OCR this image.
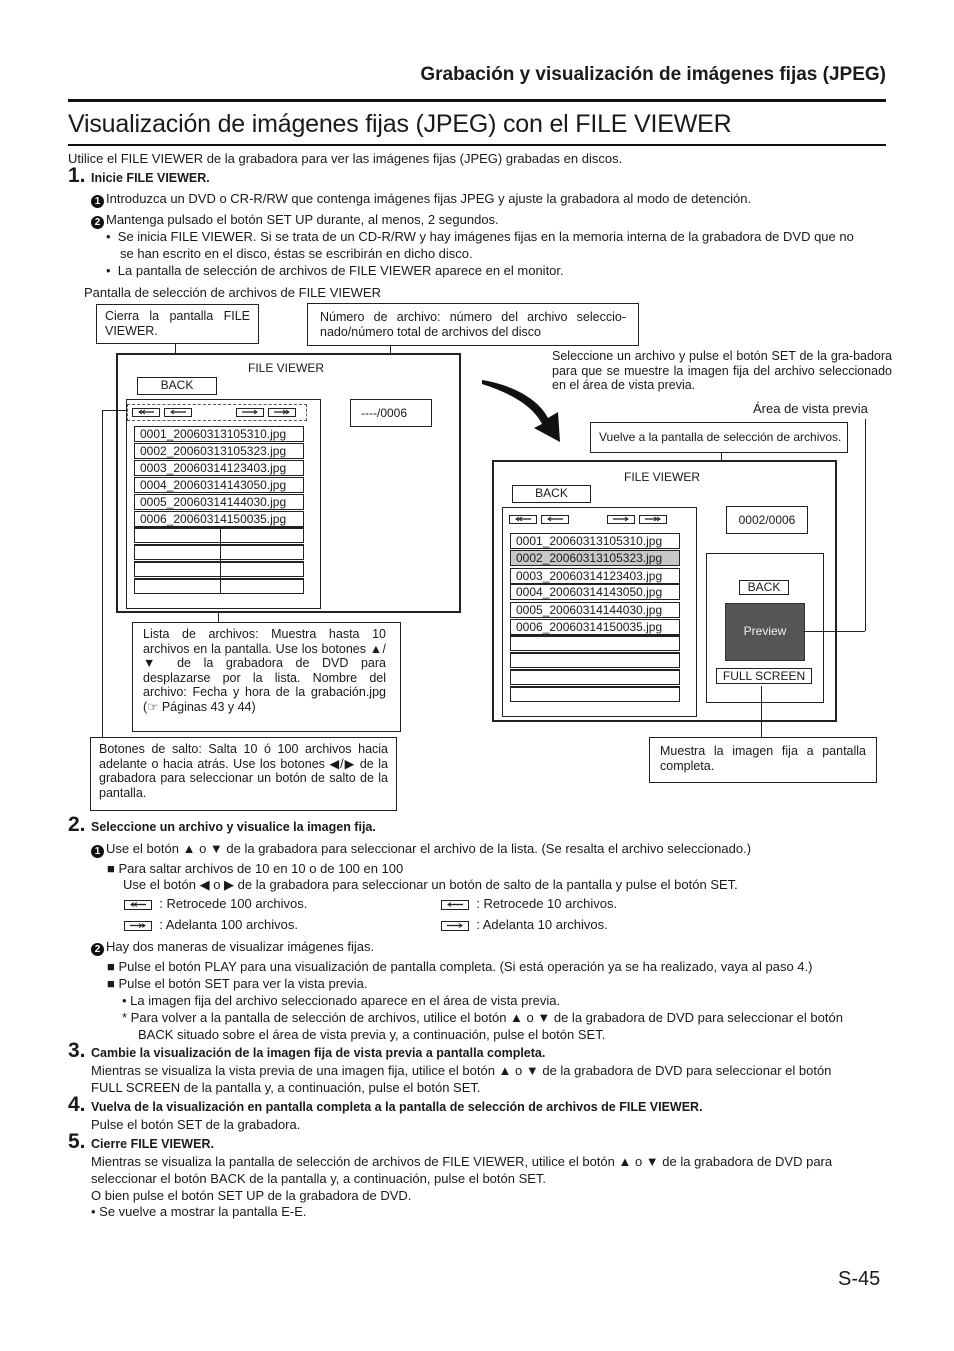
Grabación y visualización de imágenes fijas (JPEG)
Visualización de imágenes fijas (JPEG) con el FILE VIEWER
Utilice el FILE VIEWER de la grabadora para ver las imágenes fijas (JPEG) grabadas en discos.
1. Inicie FILE VIEWER.
1 Introduzca un DVD o CR-R/RW que contenga imágenes fijas JPEG y ajuste la grabadora al modo de detención.
2 Mantenga pulsado el botón SET UP durante, al menos, 2 segundos.
•  Se inicia FILE VIEWER. Si se trata de un CD-R/RW y hay imágenes fijas en la memoria interna de la grabadora de DVD que no
se han escrito en el disco, éstas se escribirán en dicho disco.
•  La pantalla de selección de archivos de FILE VIEWER aparece en el monitor.
Pantalla de selección de archivos de FILE VIEWER
Cierra la pantalla FILE VIEWER.
Número de archivo: número del archivo seleccio-nado/número total de archivos del disco
FILE VIEWER
BACK
0001_20060313105310.jpg
0002_20060313105323.jpg
0003_20060314123403.jpg
0004_20060314143050.jpg
0005_20060314144030.jpg
0006_20060314150035.jpg
----/0006
Lista de archivos: Muestra hasta 10 archivos en la pantalla. Use los botones ▲/▼ de la grabadora de DVD para desplazarse por la lista. Nombre del archivo: Fecha y hora de la grabación.jpg (☞ Páginas 43 y 44)
Botones de salto: Salta 10 ó 100 archivos hacia adelante o hacia atrás. Use los botones ◀/▶ de la grabadora para seleccionar un botón de salto de la pantalla.
Seleccione un archivo y pulse el botón SET de la gra-badora para que se muestre la imagen fija del archivo seleccionado en el área de vista previa.
Área de vista previa
Vuelve a la pantalla de selección de archivos.
FILE VIEWER
BACK
0001_20060313105310.jpg
0002_20060313105323.jpg
0003_20060314123403.jpg
0004_20060314143050.jpg
0005_20060314144030.jpg
0006_20060314150035.jpg
0002/0006
BACK
Preview
FULL SCREEN
Muestra la imagen fija a pantalla completa.
2. Seleccione un archivo y visualice la imagen fija.
1 Use el botón ▲ o ▼ de la grabadora para seleccionar el archivo de la lista. (Se resalta el archivo seleccionado.)
■ Para saltar archivos de 10 en 10 o de 100 en 100
Use el botón ◀ o ▶ de la grabadora para seleccionar un botón de salto de la pantalla y pulse el botón SET.
: Retrocede 100 archivos.	: Retrocede 10 archivos.
: Adelanta 100 archivos.	: Adelanta 10 archivos.
2 Hay dos maneras de visualizar imágenes fijas.
■ Pulse el botón PLAY para una visualización de pantalla completa. (Si está operación ya se ha realizado, vaya al paso 4.)
■ Pulse el botón SET para ver la vista previa.
• La imagen fija del archivo seleccionado aparece en el área de vista previa.
* Para volver a la pantalla de selección de archivos, utilice el botón ▲ o ▼ de la grabadora de DVD para seleccionar el botón
BACK situado sobre el área de vista previa y, a continuación, pulse el botón SET.
3. Cambie la visualización de la imagen fija de vista previa a pantalla completa.
Mientras se visualiza la vista previa de una imagen fija, utilice el botón ▲ o ▼ de la grabadora de DVD para seleccionar el botón
FULL SCREEN de la pantalla y, a continuación, pulse el botón SET.
4. Vuelva de la visualización en pantalla completa a la pantalla de selección de archivos de FILE VIEWER.
Pulse el botón SET de la grabadora.
5. Cierre FILE VIEWER.
Mientras se visualiza la pantalla de selección de archivos de FILE VIEWER, utilice el botón ▲ o ▼ de la grabadora de DVD para
seleccionar el botón BACK de la pantalla y, a continuación, pulse el botón SET.
O bien pulse el botón SET UP de la grabadora de DVD.
• Se vuelve a mostrar la pantalla E-E.
S-45
